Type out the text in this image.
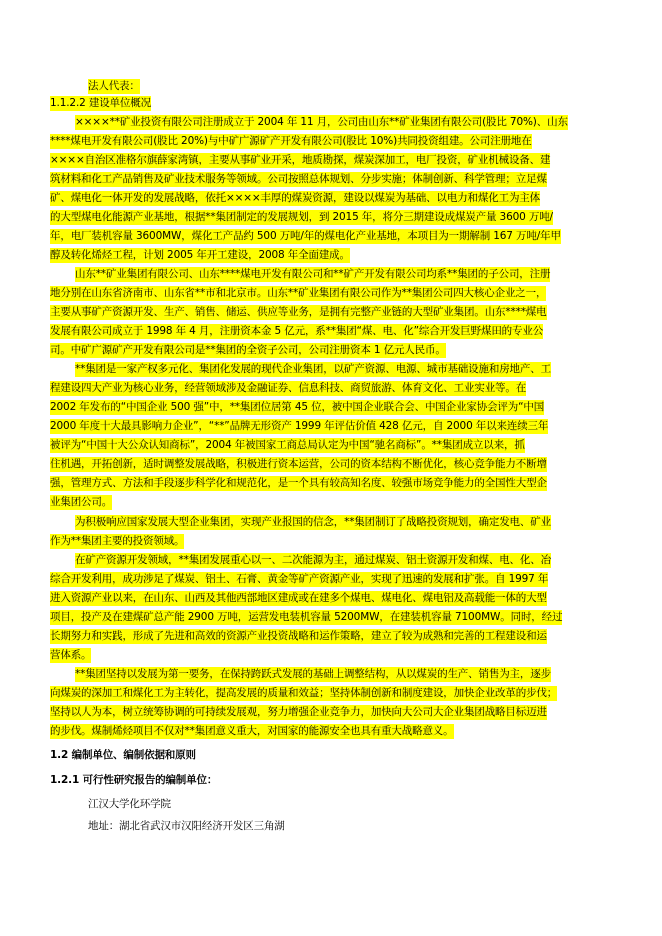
法人代表：
1.1.2.2 建设单位概况
××××**矿业投资有限公司注册成立于 2004 年 11 月，公司由山东**矿业集团有限公司(股比 70%)、山东
****煤电开发有限公司(股比 20%)与中矿广源矿产开发有限公司(股比 10%)共同投资组建。公司注册地在
××××自治区准格尔旗薛家湾镇，主要从事矿业开采，地质勘探，煤炭深加工，电厂投资，矿业机械设备、建
筑材料和化工产品销售及矿业技术服务等领域。公司按照总体规划、分步实施；体制创新、科学管理；立足煤
矿、煤电化一体开发的发展战略，依托××××丰厚的煤炭资源，建设以煤炭为基础、以电力和煤化工为主体
的大型煤电化能源产业基地，根据**集团制定的发展规划，到 2015 年，将分三期建设成煤炭产量 3600 万吨/
年，电厂装机容量 3600MW，煤化工产品约 500 万吨/年的煤电化产业基地，本项目为一期解制 167 万吨/年甲
醇及转化烯烃工程，计划 2005 年开工建设，2008 年全面建成。
山东**矿业集团有限公司、山东****煤电开发有限公司和**矿产开发有限公司均系**集团的子公司，注册
地分别在山东省济南市、山东省**市和北京市。山东**矿业集团有限公司作为**集团公司四大核心企业之一，
主要从事矿产资源开发、生产、销售、储运、供应等业务，是拥有完整产业链的大型矿业集团。山东****煤电
发展有限公司成立于 1998 年 4 月，注册资本金 5 亿元，系**集团“煤、电、化”综合开发巨野煤田的专业公
司。中矿广源矿产开发有限公司是**集团的全资子公司，公司注册资本 1 亿元人民币。
**集团是一家产权多元化、集团化发展的现代企业集团，以矿产资源、电源、城市基础设施和房地产、工
程建设四大产业为核心业务，经营领域涉及金融证券、信息科技、商贸旅游、体育文化、工业实业等。在
2002 年发布的“中国企业 500 强”中，**集团位居第 45 位，被中国企业联合会、中国企业家协会评为“中国
2000 年度十大最具影响力企业”，“**”品牌无形资产 1999 年评估价值 428 亿元，自 2000 年以来连续三年
被评为“中国十大公众认知商标”，2004 年被国家工商总局认定为中国“驰名商标”。**集团成立以来，抓
住机遇，开拓创新，适时调整发展战略，积极进行资本运营，公司的资本结构不断优化，核心竞争能力不断增
强，管理方式、方法和手段逐步科学化和规范化，是一个具有较高知名度、较强市场竞争能力的全国性大型企
业集团公司。
为积极响应国家发展大型企业集团，实现产业报国的信念，**集团制订了战略投资规划，确定发电、矿业
作为**集团主要的投资领域。
在矿产资源开发领域，**集团发展重心以一、二次能源为主，通过煤炭、铝土资源开发和煤、电、化、冶
综合开发利用，成功涉足了煤炭、铝土、石膏、黄金等矿产资源产业，实现了迅速的发展和扩张。自 1997 年
进入资源产业以来，在山东、山西及其他西部地区建成或在建多个煤电、煤电化、煤电铝及高载能一体的大型
项目，投产及在建煤矿总产能 2900 万吨，运营发电装机容量 5200MW，在建装机容量 7100MW。同时，经过
长期努力和实践，形成了先进和高效的资源产业投资战略和运作策略，建立了较为成熟和完善的工程建设和运
营体系。
**集团坚持以发展为第一要务，在保持跨跃式发展的基础上调整结构，从以煤炭的生产、销售为主，逐步
向煤炭的深加工和煤化工为主转化，提高发展的质量和效益；坚持体制创新和制度建设，加快企业改革的步伐；
坚持以人为本，树立统筹协调的可持续发展观，努力增强企业竞争力，加快向大公司大企业集团战略目标迈进
的步伐。煤制烯烃项目不仅对**集团意义重大，对国家的能源安全也具有重大战略意义。
1.2 编制单位、编制依据和原则
1.2.1 可行性研究报告的编制单位：
江汉大学化环学院
地址：湖北省武汉市汉阳经济开发区三角湖
